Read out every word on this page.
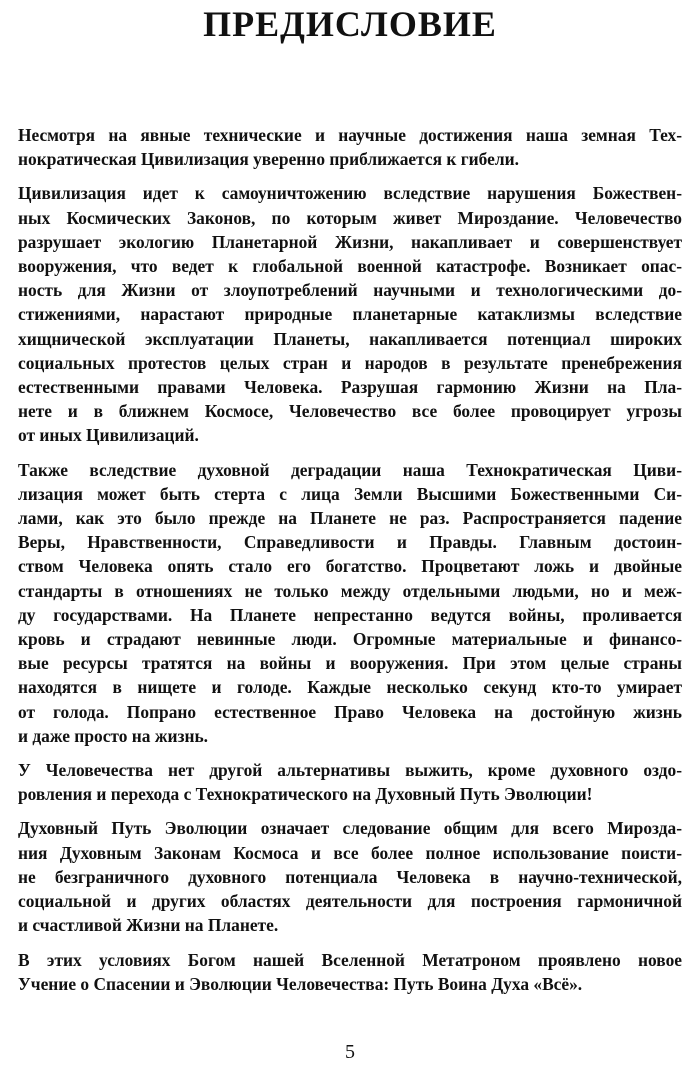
ПРЕДИСЛОВИЕ

Несмотря на явные технические и научные достижения наша земная Тех-
нократическая Цивилизация уверенно приближается к гибели.

Цивилизация идет к самоуничтожению вследствие нарушения Божествен-
ных Космических Законов, по которым живет Мироздание. Человечество
разрушает экологию Планетарной Жизни, накапливает и совершенствует
вооружения, что ведет к глобальной военной катастрофе. Возникает опас-
ность для Жизни от злоупотреблений научными и технологическими до-
стижениями, нарастают природные планетарные катаклизмы вследствие
хищнической эксплуатации Планеты, накапливается потенциал широких
социальных протестов целых стран и народов в результате пренебрежения
естественными правами Человека. Разрушая гармонию Жизни на Пла-
нете и в ближнем Космосе, Человечество все более провоцирует угрозы
от иных Цивилизаций.

Также вследствие духовной деградации наша Технократическая Циви-
лизация может быть стерта с лица Земли Высшими Божественными Си-
лами, как это было прежде на Планете не раз. Распространяется падение
Веры, Нравственности, Справедливости и Правды. Главным достоин-
ством Человека опять стало его богатство. Процветают ложь и двойные
стандарты в отношениях не только между отдельными людьми, но и меж-
ду государствами. На Планете непрестанно ведутся войны, проливается
кровь и страдают невинные люди. Огромные материальные и финансо-
вые ресурсы тратятся на войны и вооружения. При этом целые страны
находятся в нищете и голоде. Каждые несколько секунд кто-то умирает
от голода. Попрано естественное Право Человека на достойную жизнь
и даже просто на жизнь.

У Человечества нет другой альтернативы выжить, кроме духовного оздо-
ровления и перехода с Технократического на Духовный Путь Эволюции!

Духовный Путь Эволюции означает следование общим для всего Мирозда-
ния Духовным Законам Космоса и все более полное использование поисти-
не безграничного духовного потенциала Человека в научно-технической,
социальной и других областях деятельности для построения гармоничной
и счастливой Жизни на Планете.

В этих условиях Богом нашей Вселенной Метатроном проявлено новое
Учение о Спасении и Эволюции Человечества: Путь Воина Духа «Всё».

5
